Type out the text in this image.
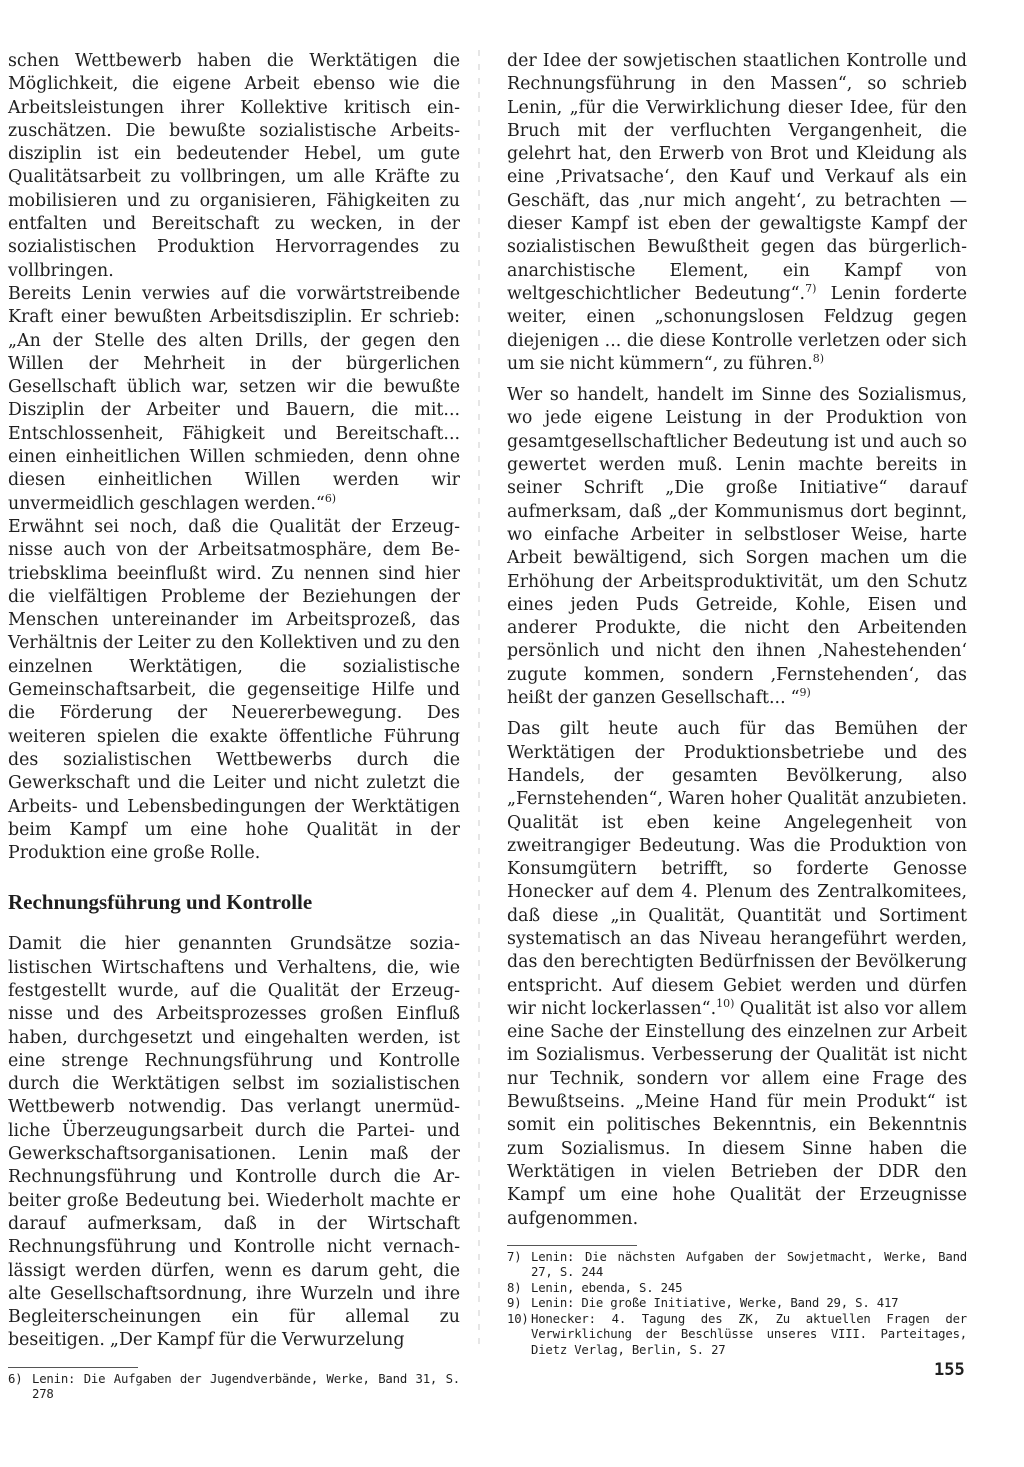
schen Wettbewerb haben die Werktätigen die Möglichkeit, die eigene Arbeit ebenso wie die Arbeitsleistungen ihrer Kollektive kritisch einzuschätzen. Die bewußte sozialistische Arbeitsdisziplin ist ein bedeutender Hebel, um gute Qualitätsarbeit zu vollbringen, um alle Kräfte zu mobilisieren und zu organisieren, Fähigkeiten zu entfalten und Bereitschaft zu wecken, in der sozialistischen Produktion Hervorragendes zu vollbringen.

Bereits Lenin verwies auf die vorwärtstreibende Kraft einer bewußten Arbeitsdisziplin. Er schrieb: „An der Stelle des alten Drills, der gegen den Willen der Mehrheit in der bürgerlichen Gesellschaft üblich war, setzen wir die bewußte Disziplin der Arbeiter und Bauern, die mit... Entschlossenheit, Fähigkeit und Bereitschaft... einen einheitlichen Willen schmieden, denn ohne diesen einheitlichen Willen werden wir unvermeidlich geschlagen werden.“$^{6)}$

Erwähnt sei noch, daß die Qualität der Erzeugnisse auch von der Arbeitsatmosphäre, dem Betriebsklima beeinflußt wird. Zu nennen sind hier die vielfältigen Probleme der Beziehungen der Menschen untereinander im Arbeitsprozeß, das Verhältnis der Leiter zu den Kollektiven und zu den einzelnen Werktätigen, die sozialistische Gemeinschaftsarbeit, die gegenseitige Hilfe und die Förderung der Neuererbewegung. Des weiteren spielen die exakte öffentliche Führung des sozialistischen Wettbewerbs durch die Gewerkschaft und die Leiter und nicht zuletzt die Arbeits- und Lebensbedingungen der Werktätigen beim Kampf um eine hohe Qualität in der Produktion eine große Rolle.

Rechnungsführung und Kontrolle

Damit die hier genannten Grundsätze sozialistischen Wirtschaftens und Verhaltens, die, wie festgestellt wurde, auf die Qualität der Erzeugnisse und des Arbeitsprozesses großen Einfluß haben, durchgesetzt und eingehalten werden, ist eine strenge Rechnungsführung und Kontrolle durch die Werktätigen selbst im sozialistischen Wettbewerb notwendig. Das verlangt unermüdliche Überzeugungsarbeit durch die Partei- und Gewerkschaftsorganisationen. Lenin maß der Rechnungsführung und Kontrolle durch die Arbeiter große Bedeutung bei. Wiederholt machte er darauf aufmerksam, daß in der Wirtschaft Rechnungsführung und Kontrolle nicht vernachlässigt werden dürfen, wenn es darum geht, die alte Gesellschaftsordnung, ihre Wurzeln und ihre Begleiterscheinungen ein für allemal zu beseitigen. „Der Kampf für die Verwurzelung

6) Lenin: Die Aufgaben der Jugendverbände, Werke, Band 31, S. 278

der Idee der sowjetischen staatlichen Kontrolle und Rechnungsführung in den Massen“, so schrieb Lenin, „für die Verwirklichung dieser Idee, für den Bruch mit der verfluchten Vergangenheit, die gelehrt hat, den Erwerb von Brot und Kleidung als eine ‚Privatsache‘, den Kauf und Verkauf als ein Geschäft, das ‚nur mich angeht‘, zu betrachten — dieser Kampf ist eben der gewaltigste Kampf der sozialistischen Bewußtheit gegen das bürgerlich-anarchistische Element, ein Kampf von weltgeschichtlicher Bedeutung“.$^{7)}$ Lenin forderte weiter, einen „schonungslosen Feldzug gegen diejenigen ... die diese Kontrolle verletzen oder sich um sie nicht kümmern“, zu führen.$^{8)}$

Wer so handelt, handelt im Sinne des Sozialismus, wo jede eigene Leistung in der Produktion von gesamtgesellschaftlicher Bedeutung ist und auch so gewertet werden muß. Lenin machte bereits in seiner Schrift „Die große Initiative“ darauf aufmerksam, daß „der Kommunismus dort beginnt, wo einfache Arbeiter in selbstloser Weise, harte Arbeit bewältigend, sich Sorgen machen um die Erhöhung der Arbeitsproduktivität, um den Schutz eines jeden Puds Getreide, Kohle, Eisen und anderer Produkte, die nicht den Arbeitenden persönlich und nicht den ihnen ‚Nahestehenden‘ zugute kommen, sondern ‚Fernstehenden‘, das heißt der ganzen Gesellschaft... “$^{9)}$

Das gilt heute auch für das Bemühen der Werktätigen der Produktionsbetriebe und des Handels, der gesamten Bevölkerung, also „Fernstehenden“, Waren hoher Qualität anzubieten. Qualität ist eben keine Angelegenheit von zweitrangiger Bedeutung. Was die Produktion von Konsumgütern betrifft, so forderte Genosse Honecker auf dem 4. Plenum des Zentralkomitees, daß diese „in Qualität, Quantität und Sortiment systematisch an das Niveau herangeführt werden, das den berechtigten Bedürfnissen der Bevölkerung entspricht. Auf diesem Gebiet werden und dürfen wir nicht lockerlassen“.$^{10)}$ Qualität ist also vor allem eine Sache der Einstellung des einzelnen zur Arbeit im Sozialismus. Verbesserung der Qualität ist nicht nur Technik, sondern vor allem eine Frage des Bewußtseins. „Meine Hand für mein Produkt“ ist somit ein politisches Bekenntnis, ein Bekenntnis zum Sozialismus. In diesem Sinne haben die Werktätigen in vielen Betrieben der DDR den Kampf um eine hohe Qualität der Erzeugnisse aufgenommen.

7) Lenin: Die nächsten Aufgaben der Sowjetmacht, Werke, Band 27, S. 244
8) Lenin, ebenda, S. 245
9) Lenin: Die große Initiative, Werke, Band 29, S. 417
10) Honecker: 4. Tagung des ZK, Zu aktuellen Fragen der Verwirklichung der Beschlüsse unseres VIII. Parteitages, Dietz Verlag, Berlin, S. 27
155
